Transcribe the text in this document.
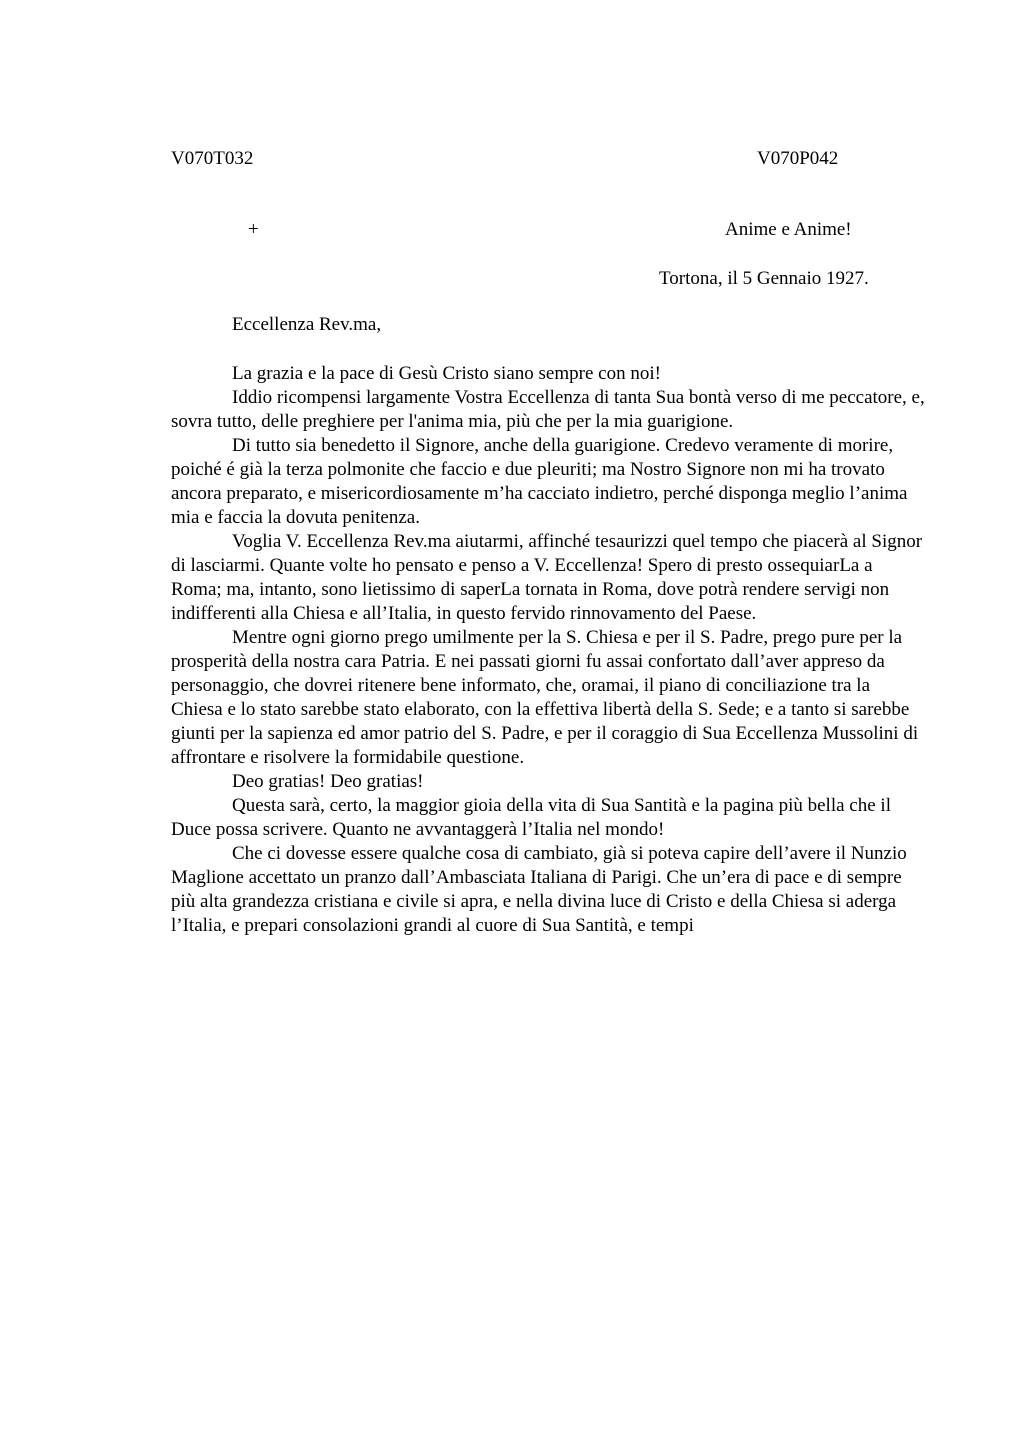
V070T032	V070P042
+	Anime e Anime!
Tortona, il 5 Gennaio 1927.
Eccellenza Rev.ma,

La grazia e la pace di Gesù Cristo siano sempre con noi!

Iddio ricompensi largamente Vostra Eccellenza di tanta Sua bontà verso di me peccatore, e, sovra tutto, delle preghiere per l'anima mia, più che per la mia guarigione.

Di tutto sia benedetto il Signore, anche della guarigione. Credevo veramente di morire, poiché é già la terza polmonite che faccio e due pleuriti; ma Nostro Signore non mi ha trovato ancora preparato, e misericordiosamente m’ha cacciato indietro, perché disponga meglio l’anima mia e faccia la dovuta penitenza.

Voglia V. Eccellenza Rev.ma aiutarmi, affinché tesaurizzi quel tempo che piacerà al Signor di lasciarmi. Quante volte ho pensato e penso a V. Eccellenza! Spero di presto ossequiarLa a Roma; ma, intanto, sono lietissimo di saperLa tornata in Roma, dove potrà rendere servigi non indifferenti alla Chiesa e all’Italia, in questo fervido rinnovamento del Paese.

Mentre ogni giorno prego umilmente per la S. Chiesa e per il S. Padre, prego pure per la prosperità della nostra cara Patria. E nei passati giorni fu assai confortato dall’aver appreso da personaggio, che dovrei ritenere bene informato, che, oramai, il piano di conciliazione tra la Chiesa e lo stato sarebbe stato elaborato, con la effettiva libertà della S. Sede; e a tanto si sarebbe giunti per la sapienza ed amor patrio del S. Padre, e per il coraggio di Sua Eccellenza Mussolini di affrontare e risolvere la formidabile questione.

Deo gratias! Deo gratias!

Questa sarà, certo, la maggior gioia della vita di Sua Santità e la pagina più bella che il Duce possa scrivere. Quanto ne avvantaggerà l’Italia nel mondo!

Che ci dovesse essere qualche cosa di cambiato, già si poteva capire dell’avere il Nunzio Maglione accettato un pranzo dall’Ambasciata Italiana di Parigi. Che un’era di pace e di sempre più alta grandezza cristiana e civile si apra, e nella divina luce di Cristo e della Chiesa si aderga l’Italia, e prepari consolazioni grandi al cuore di Sua Santità, e tempi
